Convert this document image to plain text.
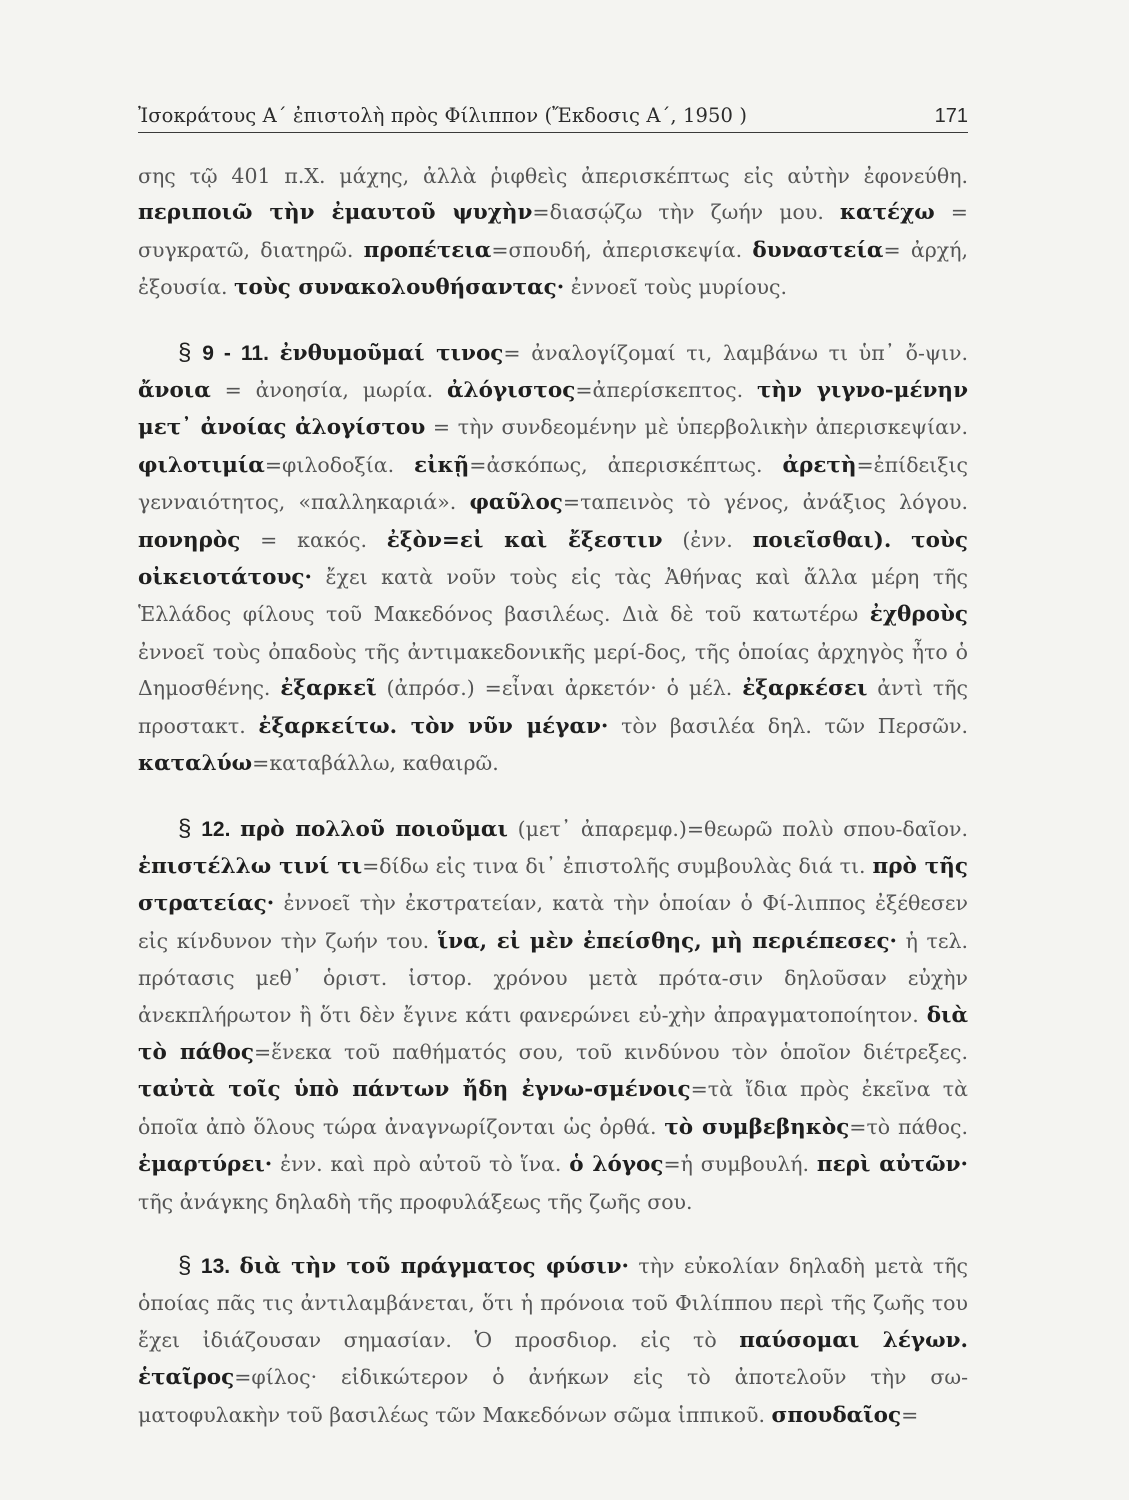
Ἰσοκράτους Α΄ ἐπιστολὴ πρὸς Φίλιππον (Ἔκδοσις Α΄, 1950 )	171

σης τῷ 401 π.Χ. μάχης, ἀλλὰ ῥιφθεὶς ἀπερισκέπτως εἰς αὐτὴν ἐφονεύθη. περιποιῶ τὴν ἐμαυτοῦ ψυχὴν=διασῴζω τὴν ζωήν μου. κατέχω = συγκρατῶ, διατηρῶ. προπέτεια=σπουδή, ἀπερισκεψία. δυναστεία= ἀρχή, ἐξουσία. τοὺς συνακολουθήσαντας· ἐννοεῖ τοὺς μυρίους.

§ 9 - 11. ἐνθυμοῦμαί τινος= ἀναλογίζομαί τι, λαμβάνω τι ὑπ᾽ ὄ-ψιν. ἄνοια = ἀνοησία, μωρία. ἀλόγιστος=ἀπερίσκεπτος. τὴν γιγνο-μένην μετ᾽ ἀνοίας ἀλογίστου = τὴν συνδεομένην μὲ ὑπερβολικὴν ἀπερισκεψίαν. φιλοτιμία=φιλοδοξία. εἰκῇ=ἀσκόπως, ἀπερισκέπτως. ἀρετὴ=ἐπίδειξις γενναιότητος, «παλληκαριά». φαῦλος=ταπεινὸς τὸ γένος, ἀνάξιος λόγου. πονηρὸς = κακός. ἐξὸν=εἰ καὶ ἔξεστιν (ἐνν. ποιεῖσθαι). τοὺς οἰκειοτάτους· ἔχει κατὰ νοῦν τοὺς εἰς τὰς Ἀθήνας καὶ ἄλλα μέρη τῆς Ἑλλάδος φίλους τοῦ Μακεδόνος βασιλέως. Διὰ δὲ τοῦ κατωτέρω ἐχθροὺς ἐννοεῖ τοὺς ὀπαδοὺς τῆς ἀντιμακεδονικῆς μερί-δος, τῆς ὁποίας ἀρχηγὸς ἦτο ὁ Δημοσθένης. ἐξαρκεῖ (ἀπρόσ.) =εἶναι ἀρκετόν· ὁ μέλ. ἐξαρκέσει ἀντὶ τῆς προστακτ. ἐξαρκείτω. τὸν νῦν μέγαν· τὸν βασιλέα δηλ. τῶν Περσῶν. καταλύω=καταβάλλω, καθαιρῶ.

§ 12. πρὸ πολλοῦ ποιοῦμαι (μετ᾽ ἀπαρεμφ.)=θεωρῶ πολὺ σπου-δαῖον. ἐπιστέλλω τινί τι=δίδω εἰς τινα δι᾽ ἐπιστολῆς συμβουλὰς διά τι. πρὸ τῆς στρατείας· ἐννοεῖ τὴν ἐκστρατείαν, κατὰ τὴν ὁποίαν ὁ Φί-λιππος ἐξέθεσεν εἰς κίνδυνον τὴν ζωήν του. ἵνα, εἰ μὲν ἐπείσθης, μὴ περιέπεσες· ἡ τελ. πρότασις μεθ᾽ ὁριστ. ἱστορ. χρόνου μετὰ πρότα-σιν δηλοῦσαν εὐχὴν ἀνεκπλήρωτον ἢ ὅτι δὲν ἔγινε κάτι φανερώνει εὐ-χὴν ἀπραγματοποίητον. διὰ τὸ πάθος=ἕνεκα τοῦ παθήματός σου, τοῦ κινδύνου τὸν ὁποῖον διέτρεξες. ταὐτὰ τοῖς ὑπὸ πάντων ἤδη ἐγνω-σμένοις=τὰ ἴδια πρὸς ἐκεῖνα τὰ ὁποῖα ἀπὸ ὅλους τώρα ἀναγνωρίζονται ὡς ὀρθά. τὸ συμβεβηκὸς=τὸ πάθος. ἐμαρτύρει· ἐνν. καὶ πρὸ αὐτοῦ τὸ ἵνα. ὁ λόγος=ἡ συμβουλή. περὶ αὐτῶν· τῆς ἀνάγκης δηλαδὴ τῆς προφυλάξεως τῆς ζωῆς σου.

§ 13. διὰ τὴν τοῦ πράγματος φύσιν· τὴν εὐκολίαν δηλαδὴ μετὰ τῆς ὁποίας πᾶς τις ἀντιλαμβάνεται, ὅτι ἡ πρόνοια τοῦ Φιλίππου περὶ τῆς ζωῆς του ἔχει ἰδιάζουσαν σημασίαν. Ὁ προσδιορ. εἰς τὸ παύσομαι λέγων. ἑταῖρος=φίλος· εἰδικώτερον ὁ ἀνήκων εἰς τὸ ἀποτελοῦν τὴν σω-ματοφυλακὴν τοῦ βασιλέως τῶν Μακεδόνων σῶμα ἱππικοῦ. σπουδαῖος=
